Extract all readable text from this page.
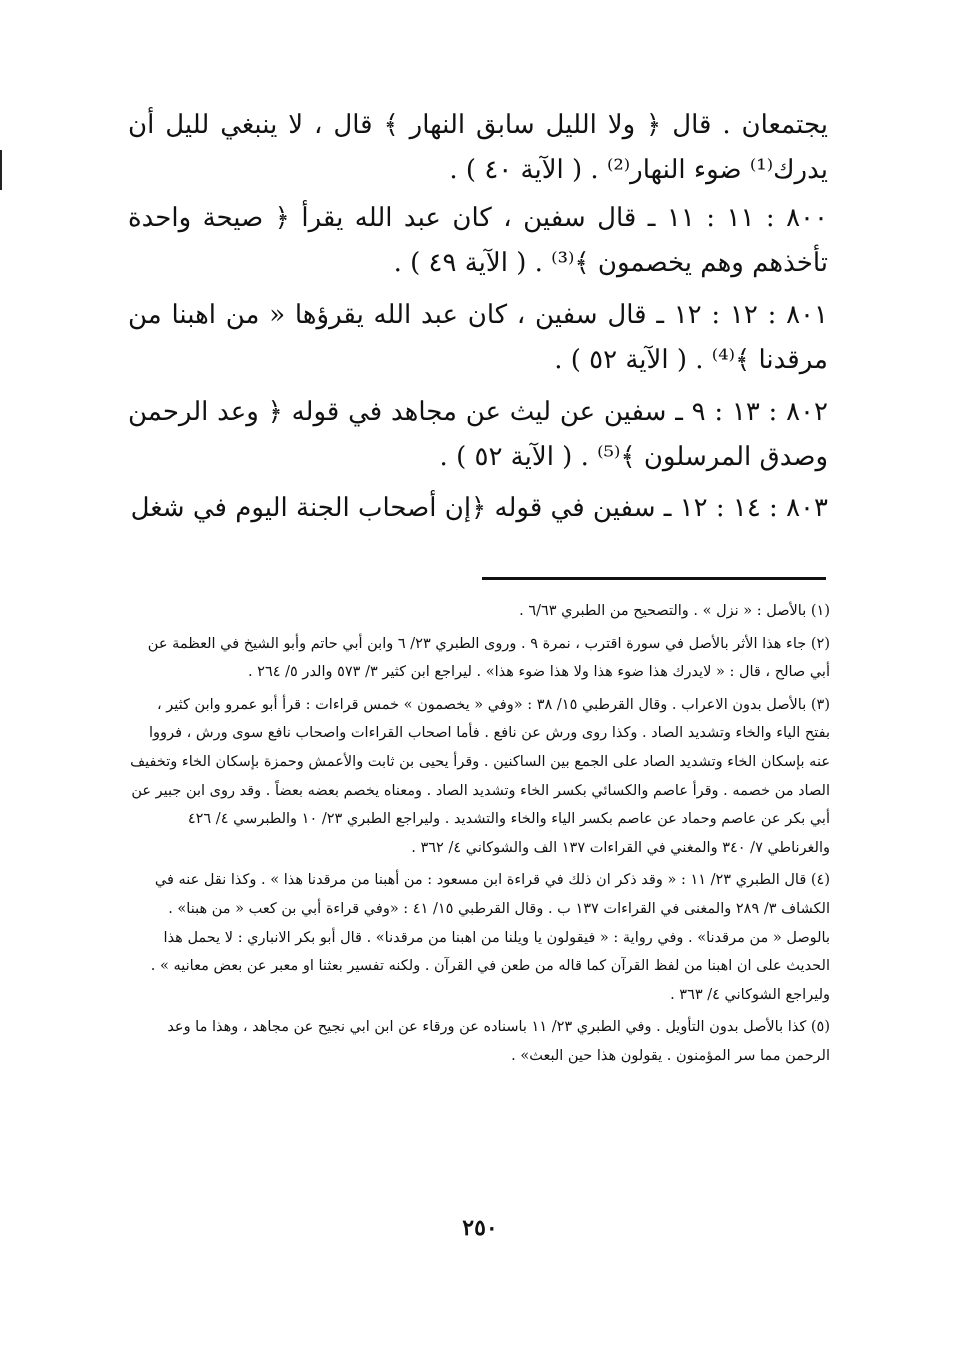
يجتمعان . قال ﴿ ولا الليل سابق النهار ﴾ قال ، لا ينبغي لليل أن يدرك⁽¹⁾ ضوء النهار⁽²⁾ . ( الآية ٤٠ ) .

٨٠٠ : ١١ : ١١ ـ قال سفين ، كان عبد الله يقرأ ﴿ صيحة واحدة تأخذهم وهم يخصمون ﴾⁽³⁾ . ( الآية ٤٩ ) .

٨٠١ : ١٢ : ١٢ ـ قال سفين ، كان عبد الله يقرؤها « من اهبنا من مرقدنا ﴾⁽⁴⁾ . ( الآية ٥٢ ) .

٨٠٢ : ١٣ : ٩ ـ سفين عن ليث عن مجاهد في قوله ﴿ وعد الرحمن وصدق المرسلون ﴾⁽⁵⁾ . ( الآية ٥٢ ) .

٨٠٣ : ١٤ : ١٢ ـ سفين في قوله ﴿إن أصحاب الجنة اليوم في شغل

(١) بالأصل : « نزل » . والتصحيح من الطبري ٦/٦٣ .

(٢) جاء هذا الأثر بالأصل في سورة اقترب ، نمرة ٩ . وروى الطبري ٢٣/ ٦ وابن أبي حاتم وأبو الشيخ في العظمة عن أبي صالح ، قال : « لايدرك هذا ضوء هذا ولا هذا ضوء هذا» . ليراجع ابن كثير ٣/ ٥٧٣ والدر ٥/ ٢٦٤ .

(٣) بالأصل بدون الاعراب . وقال القرطبي ١٥/ ٣٨ : «وفي « يخصمون » خمس قراءات : قرأ أبو عمرو وابن كثير ، بفتح الياء والخاء وتشديد الصاد . وكذا روى ورش عن نافع . فأما اصحاب القراءات واصحاب نافع سوى ورش ، فرووا عنه بإسكان الخاء وتشديد الصاد على الجمع بين الساكنين . وقرأ يحيى بن ثابت والأعمش وحمزة بإسكان الخاء وتخفيف الصاد من خصمه . وقرأ عاصم والكسائي بكسر الخاء وتشديد الصاد . ومعناه يخصم بعضه بعضاً . وقد روى ابن جبير عن أبي بكر عن عاصم وحماد عن عاصم بكسر الياء والخاء والتشديد . وليراجع الطبري ٢٣/ ١٠ والطبرسي ٤/ ٤٢٦ والغرناطي ٧/ ٣٤٠ والمغني في القراءات ١٣٧ الف والشوكاني ٤/ ٣٦٢ .

(٤) قال الطبري ٢٣/ ١١ : « وقد ذكر ان ذلك في قراءة ابن مسعود : من أهبنا من مرقدنا هذا » . وكذا نقل عنه في الكشاف ٣/ ٢٨٩ والمغنى في القراءات ١٣٧ ب . وقال القرطبي ١٥/ ٤١ : «وفي قراءة أبي بن كعب « من هبنا» . بالوصل « من مرقدنا» . وفي رواية : « فيقولون يا ويلنا من اهبنا من مرقدنا» . قال أبو بكر الانباري : لا يحمل هذا الحديث على ان اهبنا من لفظ القرآن كما قاله من طعن في القرآن . ولكنه تفسير بعثنا او معبر عن بعض معانيه » . وليراجع الشوكاني ٤/ ٣٦٣ .

(٥) كذا بالأصل بدون التأويل . وفي الطبري ٢٣/ ١١ باسناده عن ورقاء عن ابن ابي نجيح عن مجاهد ، وهذا ما وعد الرحمن مما سر المؤمنون . يقولون هذا حين البعث» .

٢٥٠
